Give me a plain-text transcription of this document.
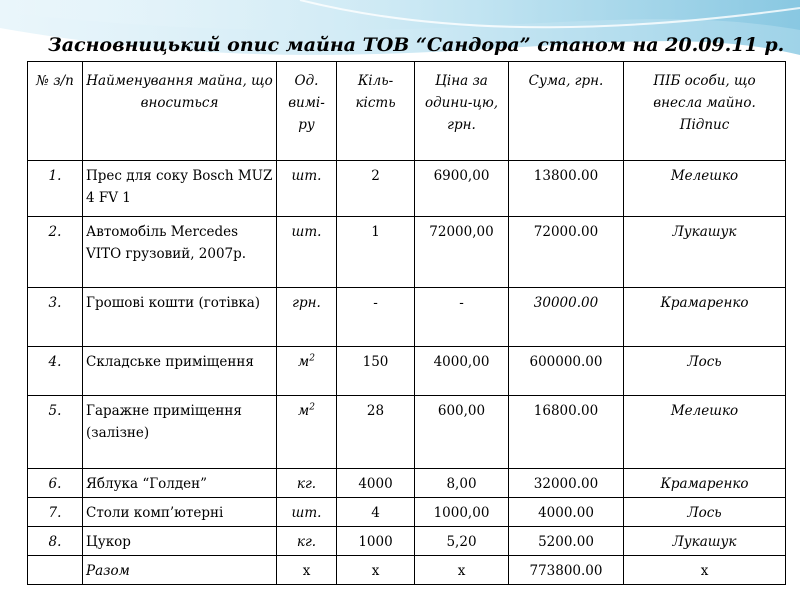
Засновницький опис майна ТОВ “Сандора” станом на 20.09.11 р.
№ з/п	Найменування майна, що вноситься	Од. вимі-ру	Кіль-кість	Ціна за одини-цю, грн.	Сума, грн.	ПІБ особи, що внесла майно. Підпис
1.	Прес для соку Bosch MUZ 4 FV 1	шт.	2	6900,00	13800.00	Мелешко
2.	Автомобіль Mercedes VITO грузовий, 2007р.	шт.	1	72000,00	72000.00	Лукашук
3.	Грошові кошти (готівка)	грн.	-	-	30000.00	Крамаренко
4.	Складське приміщення	$м^2$	150	4000,00	600000.00	Лось
5.	Гаражне приміщення (залізне)	$м^2$	28	600,00	16800.00	Мелешко
6.	Яблука “Голден”	кг.	4000	8,00	32000.00	Крамаренко
7.	Столи комп’ютерні	шт.	4	1000,00	4000.00	Лось
8.	Цукор	кг.	1000	5,20	5200.00	Лукашук
	Разом	х	х	х	773800.00	х
